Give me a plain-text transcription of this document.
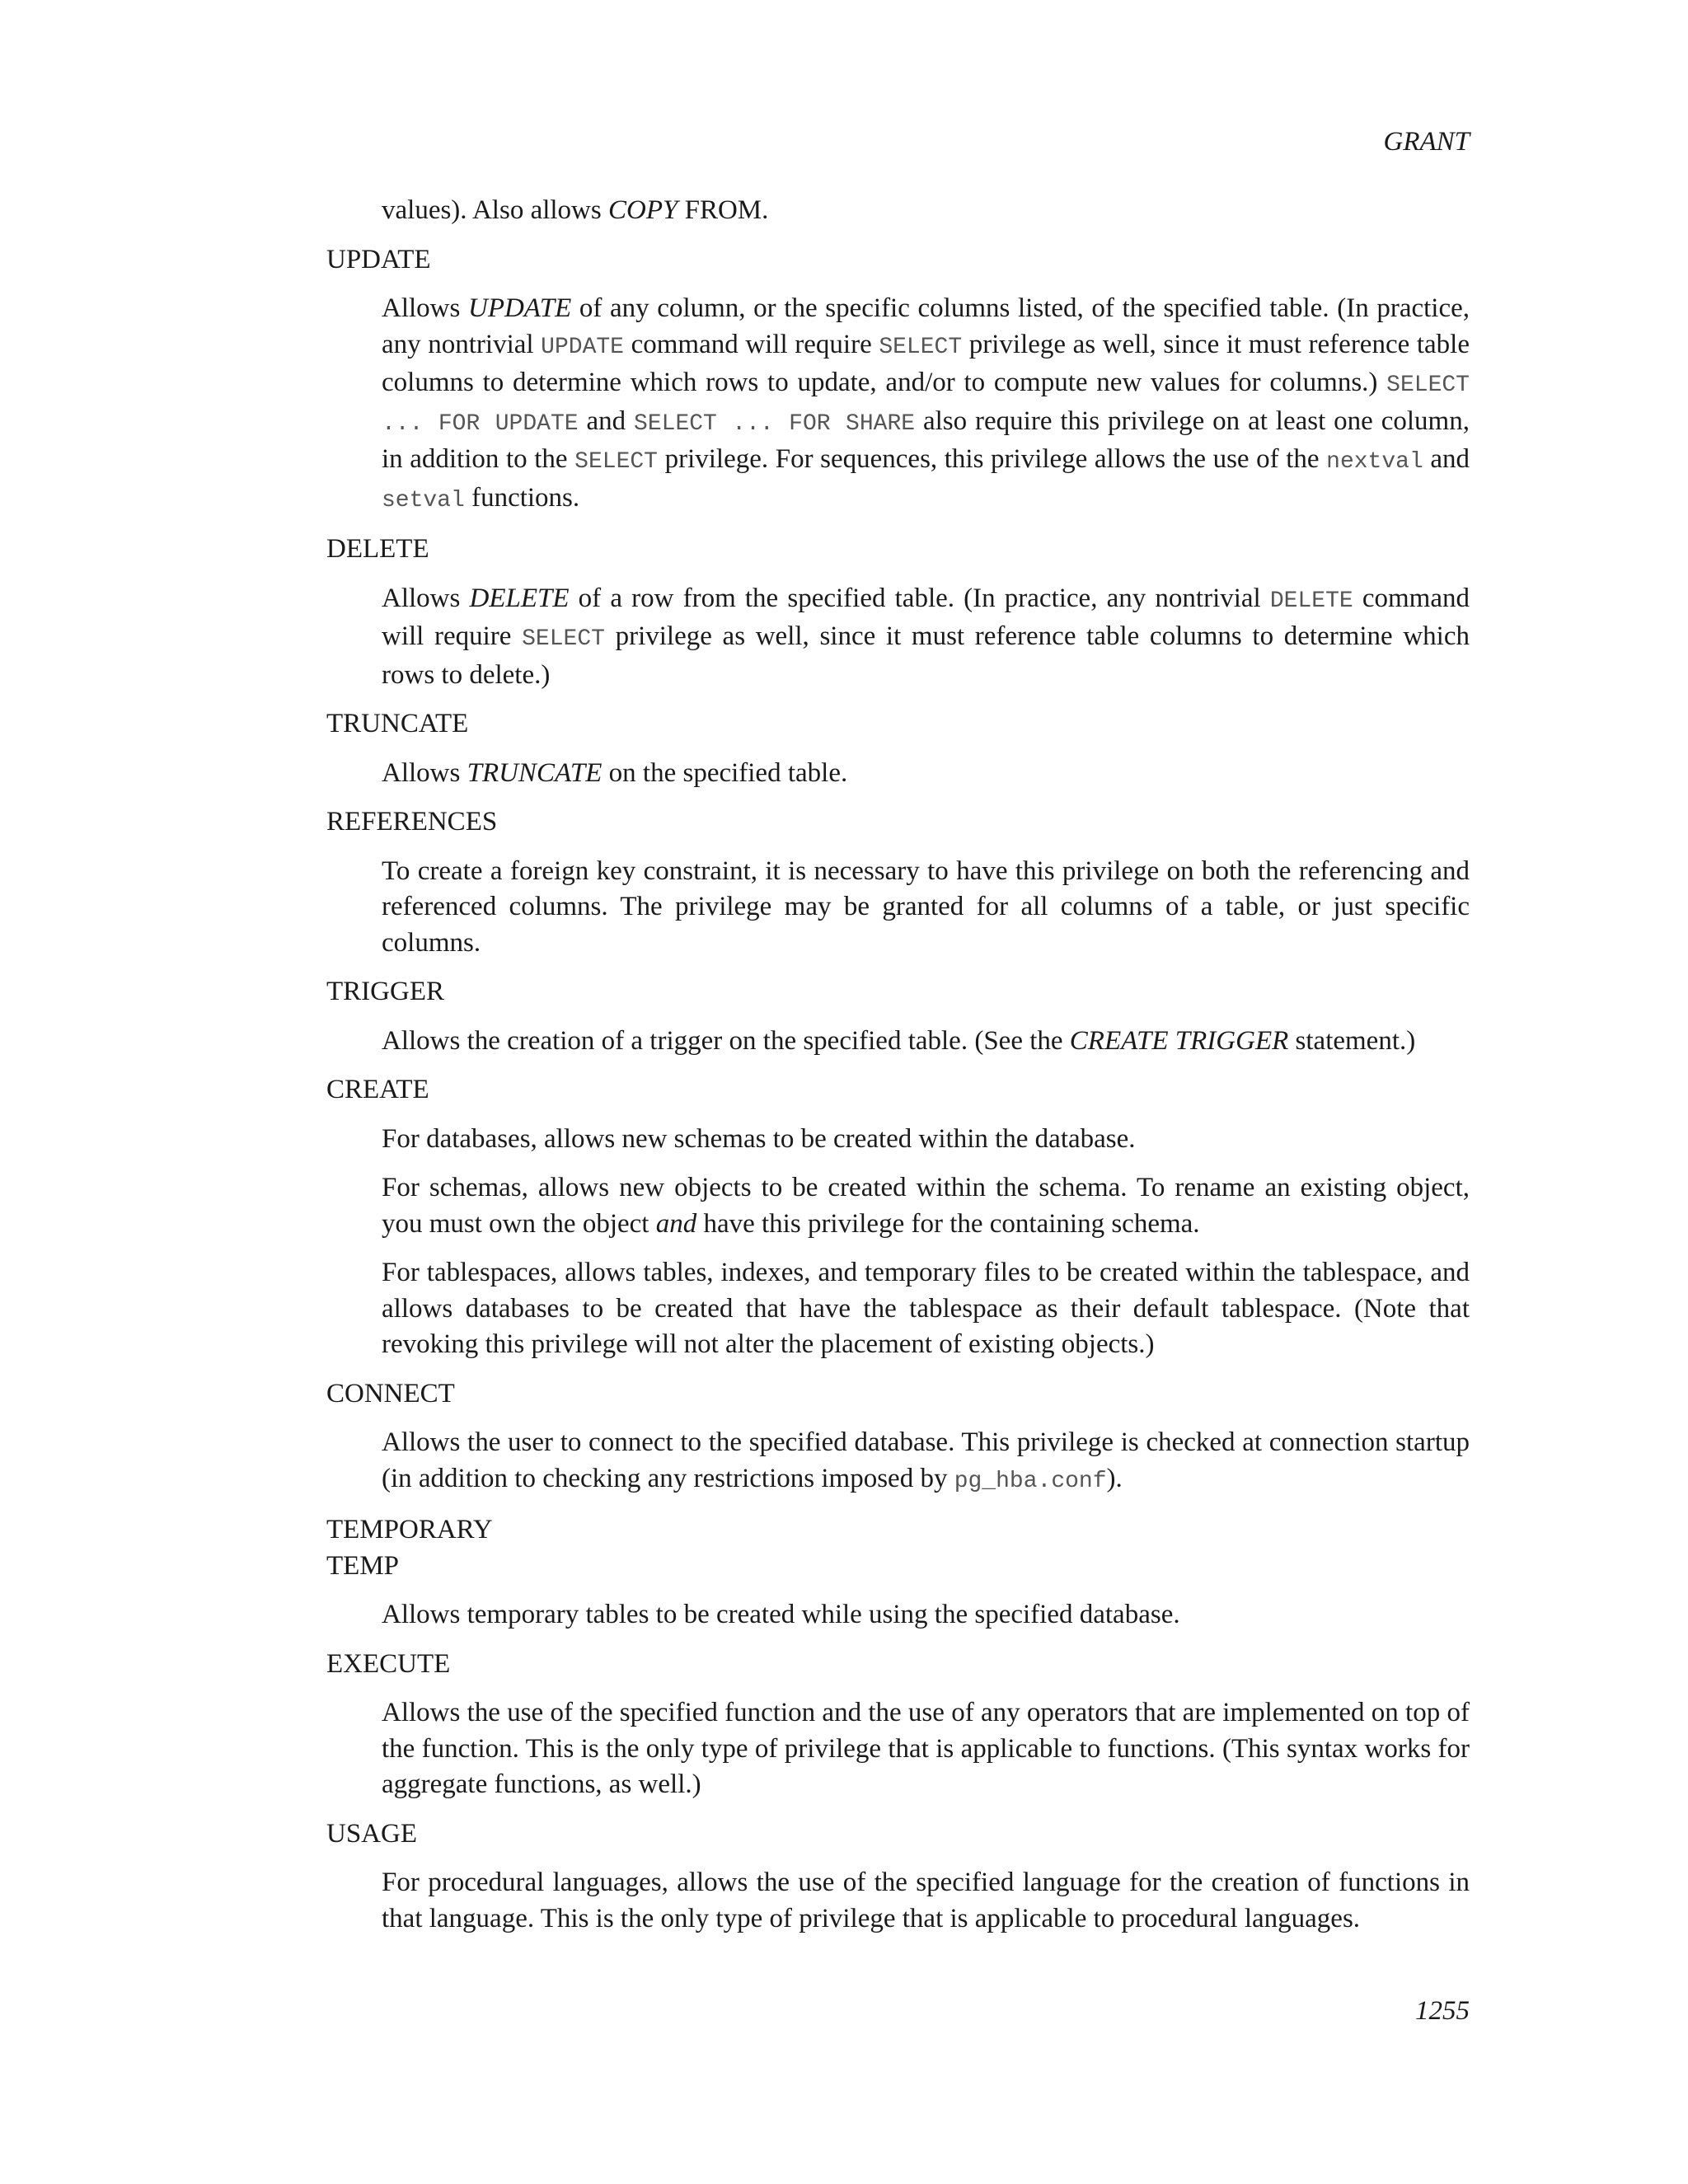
GRANT
values). Also allows COPY FROM.
UPDATE
Allows UPDATE of any column, or the specific columns listed, of the specified table. (In practice, any nontrivial UPDATE command will require SELECT privilege as well, since it must reference table columns to determine which rows to update, and/or to compute new values for columns.) SELECT ... FOR UPDATE and SELECT ... FOR SHARE also require this privilege on at least one column, in addition to the SELECT privilege. For sequences, this privilege allows the use of the nextval and setval functions.
DELETE
Allows DELETE of a row from the specified table. (In practice, any nontrivial DELETE command will require SELECT privilege as well, since it must reference table columns to determine which rows to delete.)
TRUNCATE
Allows TRUNCATE on the specified table.
REFERENCES
To create a foreign key constraint, it is necessary to have this privilege on both the referencing and referenced columns. The privilege may be granted for all columns of a table, or just specific columns.
TRIGGER
Allows the creation of a trigger on the specified table. (See the CREATE TRIGGER statement.)
CREATE

For databases, allows new schemas to be created within the database.

For schemas, allows new objects to be created within the schema. To rename an existing object, you must own the object and have this privilege for the containing schema.

For tablespaces, allows tables, indexes, and temporary files to be created within the tablespace, and allows databases to be created that have the tablespace as their default tablespace. (Note that revoking this privilege will not alter the placement of existing objects.)

CONNECT
Allows the user to connect to the specified database. This privilege is checked at connection startup (in addition to checking any restrictions imposed by pg_hba.conf).
TEMPORARY
TEMP
Allows temporary tables to be created while using the specified database.
EXECUTE
Allows the use of the specified function and the use of any operators that are implemented on top of the function. This is the only type of privilege that is applicable to functions. (This syntax works for aggregate functions, as well.)
USAGE
For procedural languages, allows the use of the specified language for the creation of functions in that language. This is the only type of privilege that is applicable to procedural languages.
1255
